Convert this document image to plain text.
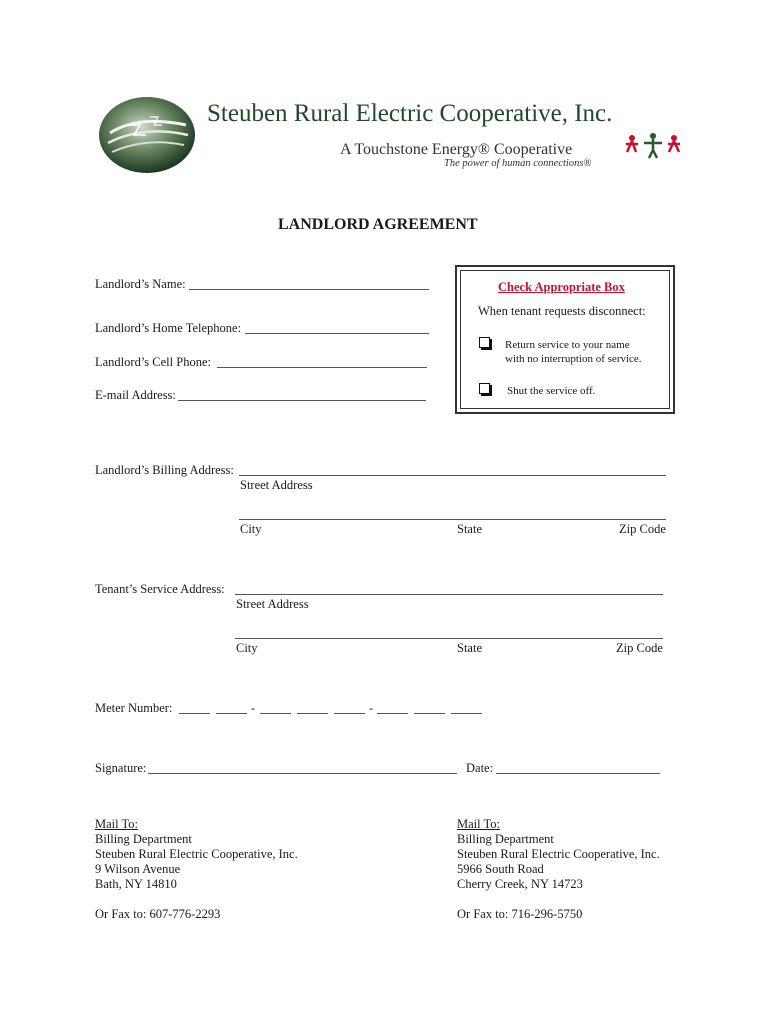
Steuben Rural Electric Cooperative, Inc.
A Touchstone Energy® Cooperative
The power of human connections®
LANDLORD AGREEMENT
Landlord’s Name:
Landlord’s Home Telephone:
Landlord’s Cell Phone:
E-mail Address:
Check Appropriate Box
When tenant requests disconnect:
Return service to your name
with no interruption of service.
Shut the service off.
Landlord’s Billing Address:
Street Address
City	State	Zip Code
Tenant’s Service Address:
Street Address
City	State	Zip Code
Meter Number:	-	-
Signature:	Date:
Mail To:
Billing Department
Steuben Rural Electric Cooperative, Inc.
9 Wilson Avenue
Bath, NY 14810
Or Fax to: 607-776-2293
Mail To:
Billing Department
Steuben Rural Electric Cooperative, Inc.
5966 South Road
Cherry Creek, NY 14723
Or Fax to: 716-296-5750
